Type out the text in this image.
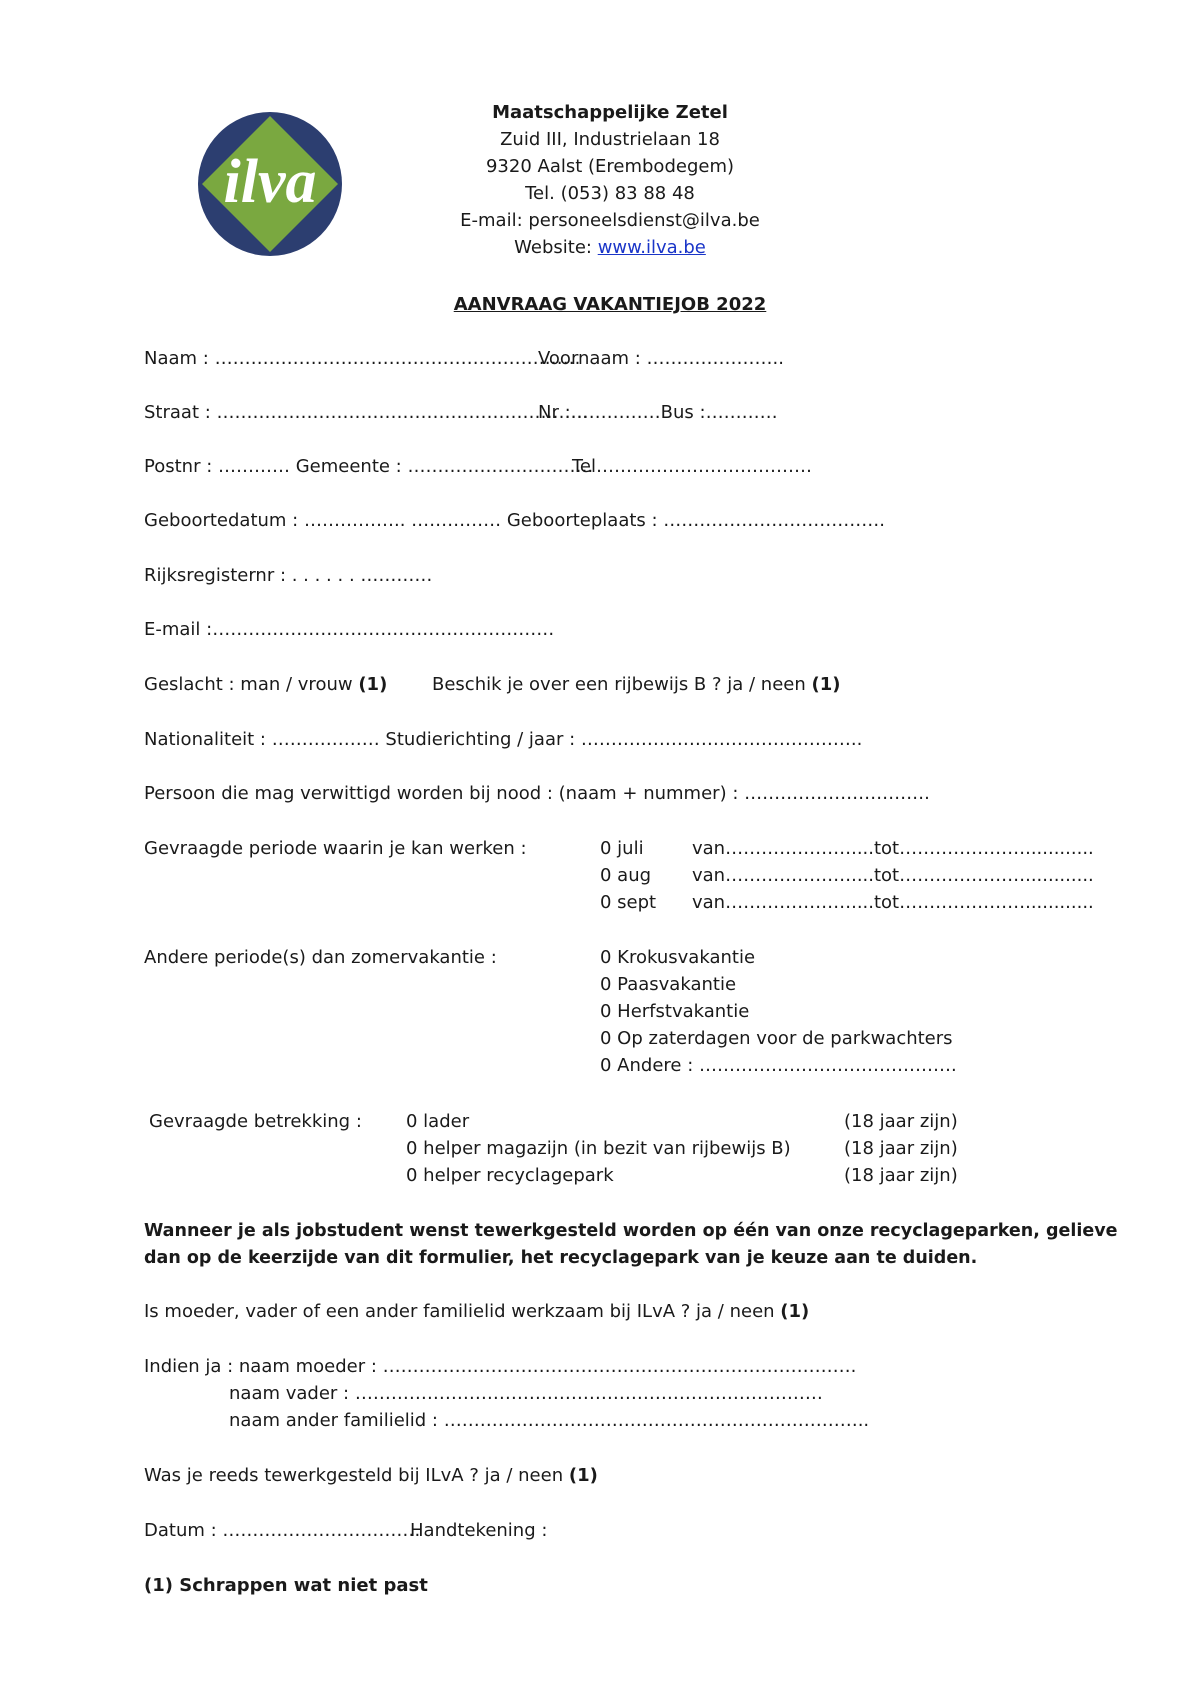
ilva
Maatschappelijke Zetel
Zuid III, Industrielaan 18
9320 Aalst (Erembodegem)
Tel. (053) 83 88 48
E-mail: personeelsdienst@ilva.be
Website: www.ilva.be
AANVRAAG VAKANTIEJOB 2022
Naam : …………………………………………………….
Voornaam : …………………..
Straat : ……………………………………………………..
Nr :……………Bus :…………
Postnr : ………… Gemeente : ………………………….
Tel………………………………
Geboortedatum : …………….. …………… Geboorteplaats : ……………………………….
Rijksregisternr : . . . . . . …………
E-mail :…………………………………………………
Geslacht : man / vrouw (1) Beschik je over een rijbewijs B ? ja / neen (1)
Nationaliteit : ……………… Studierichting / jaar : ………………………………………..
Persoon die mag verwittigd worden bij nood : (naam + nummer) : ………………………….
Gevraagde periode waarin je kan werken :	0 juli	van…………………....tot…………………............
0 aug van…………………....tot…………………............
0 sept van…………………....tot…………………............
Andere periode(s) dan zomervakantie :	0 Krokusvakantie
0 Paasvakantie
0 Herfstvakantie
0 Op zaterdagen voor de parkwachters
0 Andere : …………………………………….
Gevraagde betrekking : 0 lader	(18 jaar zijn)
0 helper magazijn (in bezit van rijbewijs B)	(18 jaar zijn)
0 helper recyclagepark	(18 jaar zijn)
Wanneer je als jobstudent wenst tewerkgesteld worden op één van onze recyclageparken, gelieve
dan op de keerzijde van dit formulier, het recyclagepark van je keuze aan te duiden.
Is moeder, vader of een ander familielid werkzaam bij ILvA ? ja / neen (1)
Indien ja : naam moeder : …………………………………………………………………….
naam vader : ……………………………………………………………………
naam ander familielid : ……………………………………………………………..
Was je reeds tewerkgesteld bij ILvA ? ja / neen (1)
Datum : ……………………………
Handtekening :
(1) Schrappen wat niet past
